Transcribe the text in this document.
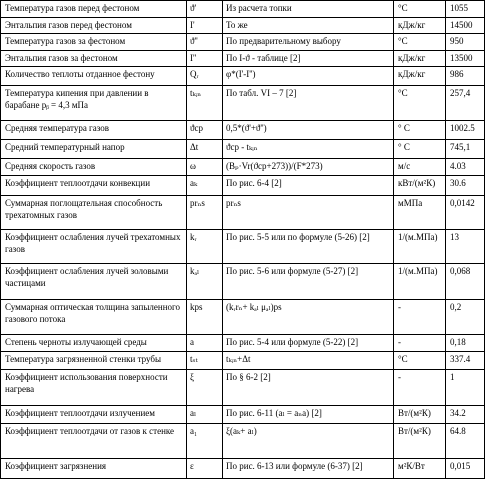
Температура газов перед фестоном	ϑ'	Из расчета топки	°С	1055
Энтальпия газов перед фестоном	I'	То же	кДж/кг	14500
Температура газов за фестоном	ϑ''	По предварительному выбору	°С	950
Энтальпия газов за фестоном	I''	По I‑ϑ - таблице [2]	кДж/кг	13500
Количество теплоты отданное фестону	Qᵣ	φ*(I'-I'')	кДж/кг	986
Температура кипения при давлении в барабане pᵦ = 4,3 мПа	tₖᵢₙ	По табл. VI – 7 [2]	°С	257,4
Средняя температура газов	ϑср	0,5*(ϑ'+ϑ'')	° С	1002.5
Средний температурный напор	Δt	ϑср - tₖᵢₙ	° С	745,1
Средняя скорость газов	ω	(Bₚ·Vr(ϑср+273))/(F*273)	м/с	4.03
Коэффициент теплоотдачи конвекции	aₖ	По рис. 6-4 [2]	кВт/(м²К)	30.6
Суммарная поглощательная способность трехатомных газов	prₙs	prₙs	мМПа	0,0142
Коэффициент ослабления лучей трехатомных газов	kᵣ	По рис. 5-5 или по формуле (5-26) [2]	1/(м.МПа)	13
Коэффициент ослабления лучей золовыми частицами	kₐₗ	По рис. 5-6 или формуле (5-27) [2]	1/(м.МПа)	0,068
Суммарная оптическая толщина запыленного газового потока	kps	(kᵣrₙ+ kₐₗ μₐₗ)ps	-	0,2
Степень черноты излучающей среды	a	По рис. 5-4 или формуле (5-22) [2]	-	0,18
Температура загрязненной стенки трубы	tₛₜ	tₖᵢₙ+Δt	°С	337.4
Коэффициент использования поверхности нагрева	ξ	По § 6-2 [2]	-	1
Коэффициент теплоотдачи излучением	aₗ	По рис. 6-11 (aₗ = aₙa) [2]	Вт/(м²К)	34.2
Коэффициент теплоотдачи от газов к стенке	a₁	ξ(aₖ+ aₗ)	Вт/(м²К)	64.8
Коэффициент загрязнения	ε	По рис. 6-13 или формуле (6-37) [2]	м²К/Вт	0,015
